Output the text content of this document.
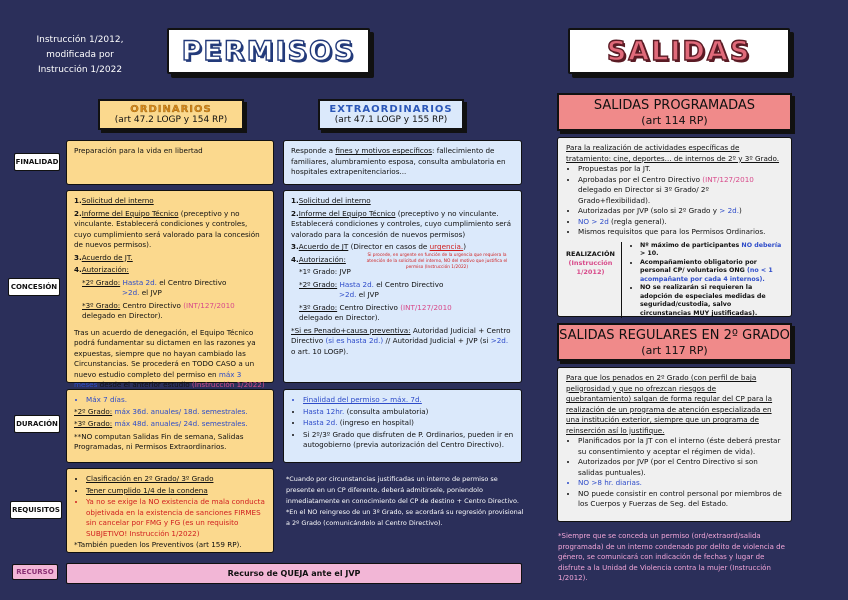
Instrucción 1/2012,
modificada por
Instrucción 1/2022
PERMISOS	SALIDAS
ORDINARIOS
(art 47.2 LOGP y 154 RP)
EXTRAORDINARIOS
(art 47.1 LOGP y 155 RP)
FINALIDAD
CONCESIÓN
DURACIÓN
REQUISITOS
RECURSO

Preparación para la vida en libertad

1.Solicitud del interno

2.Informe del Equipo Técnico (preceptivo y no vinculante. Establecerá condiciones y controles, cuyo cumplimiento será valorado para la concesión de nuevos permisos).

3.Acuerdo de JT.

4.Autorización:

*2º Grado: Hasta 2d. el Centro Directivo
>2d. el JVP

*3º Grado: Centro Directivo (INT/127/2010
delegado en Director).

Tras un acuerdo de denegación, el Equipo Técnico podrá fundamentar su dictamen en las razones ya expuestas, siempre que no hayan cambiado las Circunstancias. Se procederá en TODO CASO a un nuevo estudio completo del permiso en máx 3 meses desde el anterior estudio (Instrucción 1/2022)

• Máx 7 días.

*2º Grado: máx 36d. anuales/ 18d. semestrales.

*3º Grado: máx 48d. anuales/ 24d. semestrales.

**NO computan Salidas Fin de semana, Salidas Programadas, ni Permisos Extraordinarios.

• Clasificación en 2º Grado/ 3º Grado
• Tener cumplido 1/4 de la condena
• Ya no se exige la NO existencia de mala conducta objetivada en la existencia de sanciones FIRMES sin cancelar por FMG y FG (es un requisito SUBJETIVO! Instrucción 1/2022)

*También pueden los Preventivos (art 159 RP).

Responde a fines y motivos específicos: fallecimiento de familiares, alumbramiento esposa, consulta ambulatoria en hospitales extrapenitenciarios...

1.Solicitud del interno

2.Informe del Equipo Técnico (preceptivo y no vinculante. Establecerá condiciones y controles, cuyo cumplimiento será valorado para la concesión de nuevos permisos)

3.Acuerdo de JT (Director en casos de urgencia.)

Si procede, en urgente en función de la urgencia que requiera la atención de la solicitud del interno, NO del motivo que justifica el permiso (Instrucción 1/2022)

4.Autorización:

*1º Grado: JVP

*2º Grado: Hasta 2d. el Centro Directivo
>2d. el JVP

*3º Grado: Centro Directivo (INT/127/2010
delegado en Director).

*Si es Penado+causa preventiva: Autoridad Judicial + Centro Directivo (si es hasta 2d.) // Autoridad Judicial + JVP (si >2d. o art. 10 LOGP).

• Finalidad del permiso > máx. 7d.
• Hasta 12hr. (consulta ambulatoria)
• Hasta 2d. (ingreso en hospital)
• Si 2º/3º Grado que disfruten de P. Ordinarios, pueden ir en autogobierno (previa autorización del Centro Directivo).
*Cuando por circunstancias justificadas un interno de permiso se presente en un CP diferente, deberá admitirsele, poniendolo inmediatamente en conocimiento del CP de destino + Centro Directivo. *En el NO reingreso de un 3º Grado, se acordará su regresión provisional a 2º Grado (comunicándolo al Centro Directivo).
Recurso de QUEJA ante el JVP
SALIDAS PROGRAMADAS
(art 114 RP)

Para la realización de actividades específicas de tratamiento: cine, deportes... de internos de 2º y 3º Grado.

• Propuestas por la JT.
• Aprobadas por el Centro Directivo (INT/127/2010 delegado en Director si 3º Grado/ 2º Grado+flexibilidad).
• Autorizadas por JVP (solo si 2º Grado y > 2d.)
• NO > 2d (regla general).
• Mismos requisitos que para los Permisos Ordinarios.
REALIZACIÓN
(Instrucción 1/2012)
• Nº máximo de participantes NO debería > 10.
• Acompañamiento obligatorio por personal CP/ voluntarios ONG (no < 1 acompañante por cada 4 internos).
• NO se realizarán si requieren la adopción de especiales medidas de seguridad/custodia, salvo circunstancias MUY justificadas).
SALIDAS REGULARES EN 2º GRADO
(art 117 RP)

Para que los penados en 2º Grado (con perfil de baja peligrosidad y que no ofrezcan riesgos de quebrantamiento) salgan de forma regular del CP para la realización de un programa de atención especializada en una institución exterior, siempre que un programa de reinserción así lo justifique.

• Planificados por la JT con el interno (éste deberá prestar su consentimiento y aceptar el régimen de vida).
• Autorizados por JVP (por el Centro Directivo si son salidas puntuales).
• NO >8 hr. diarias.
• NO puede consistir en control personal por miembros de los Cuerpos y Fuerzas de Seg. del Estado.
*Siempre que se conceda un permiso (ord/extraord/salida programada) de un interno condenado por delito de violencia de género, se comunicará con indicación de fechas y lugar de disfrute a la Unidad de Violencia contra la mujer (Instrucción 1/2012).
